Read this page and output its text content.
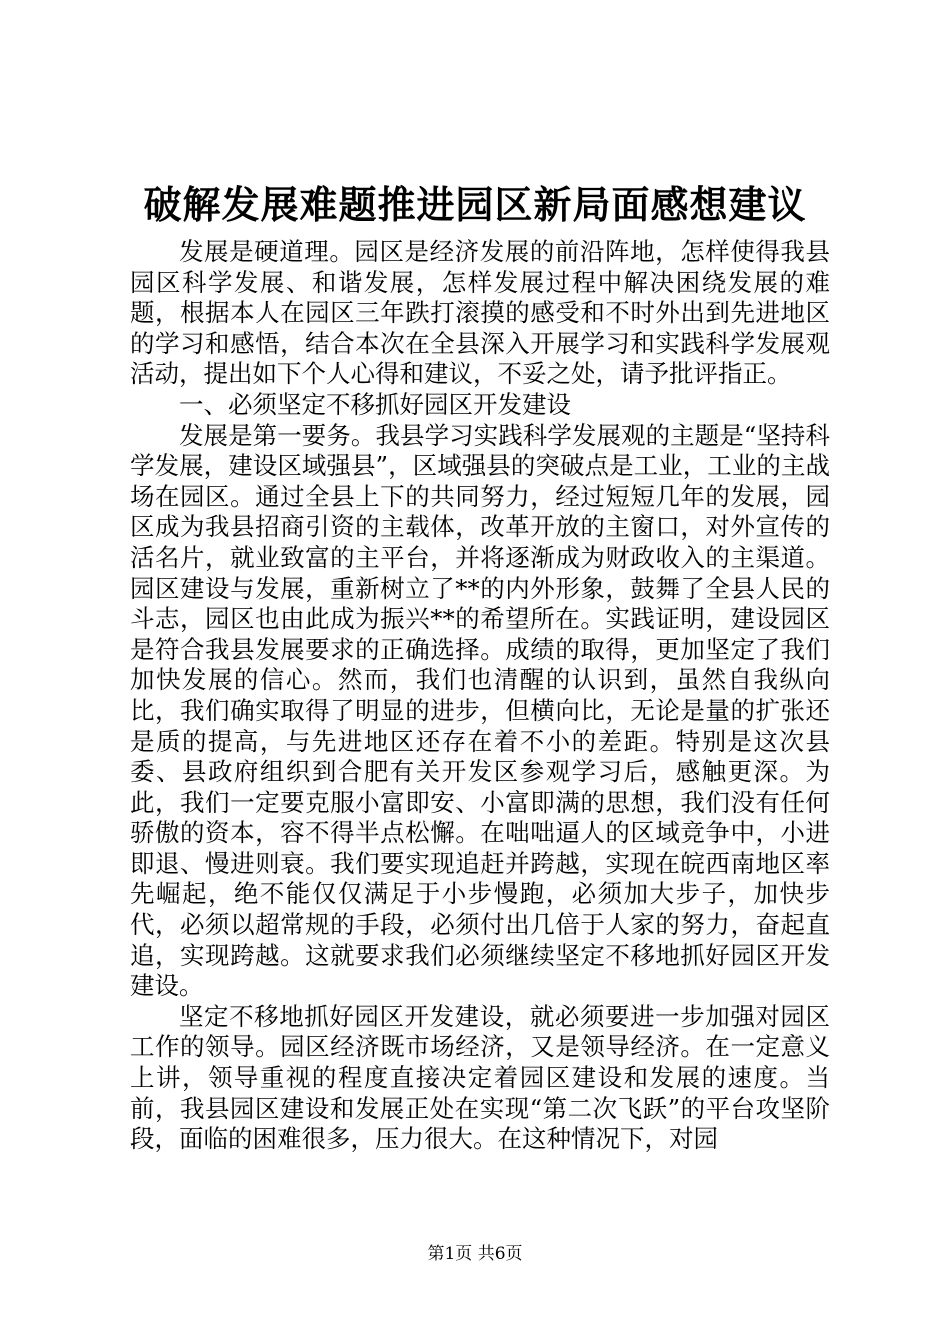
破解发展难题推进园区新局面感想建议

发展是硬道理。园区是经济发展的前沿阵地，怎样使得我县园区科学发展、和谐发展，怎样发展过程中解决困绕发展的难题，根据本人在园区三年跌打滚摸的感受和不时外出到先进地区的学习和感悟，结合本次在全县深入开展学习和实践科学发展观活动，提出如下个人心得和建议，不妥之处，请予批评指正。

一、必须坚定不移抓好园区开发建设

发展是第一要务。我县学习实践科学发展观的主题是“坚持科学发展，建设区域强县”，区域强县的突破点是工业，工业的主战场在园区。通过全县上下的共同努力，经过短短几年的发展，园区成为我县招商引资的主载体，改革开放的主窗口，对外宣传的活名片，就业致富的主平台，并将逐渐成为财政收入的主渠道。园区建设与发展，重新树立了**的内外形象，鼓舞了全县人民的斗志，园区也由此成为振兴**的希望所在。实践证明，建设园区是符合我县发展要求的正确选择。成绩的取得，更加坚定了我们加快发展的信心。然而，我们也清醒的认识到，虽然自我纵向比，我们确实取得了明显的进步，但横向比，无论是量的扩张还是质的提高，与先进地区还存在着不小的差距。特别是这次县委、县政府组织到合肥有关开发区参观学习后，感触更深。为此，我们一定要克服小富即安、小富即满的思想，我们没有任何骄傲的资本，容不得半点松懈。在咄咄逼人的区域竞争中，小进即退、慢进则衰。我们要实现追赶并跨越，实现在皖西南地区率先崛起，绝不能仅仅满足于小步慢跑，必须加大步子，加快步代，必须以超常规的手段，必须付出几倍于人家的努力，奋起直追，实现跨越。这就要求我们必须继续坚定不移地抓好园区开发建设。

坚定不移地抓好园区开发建设，就必须要进一步加强对园区工作的领导。园区经济既市场经济，又是领导经济。在一定意义上讲，领导重视的程度直接决定着园区建设和发展的速度。当前，我县园区建设和发展正处在实现“第二次飞跃”的平台攻坚阶段，面临的困难很多，压力很大。在这种情况下，对园

第1页 共6页
